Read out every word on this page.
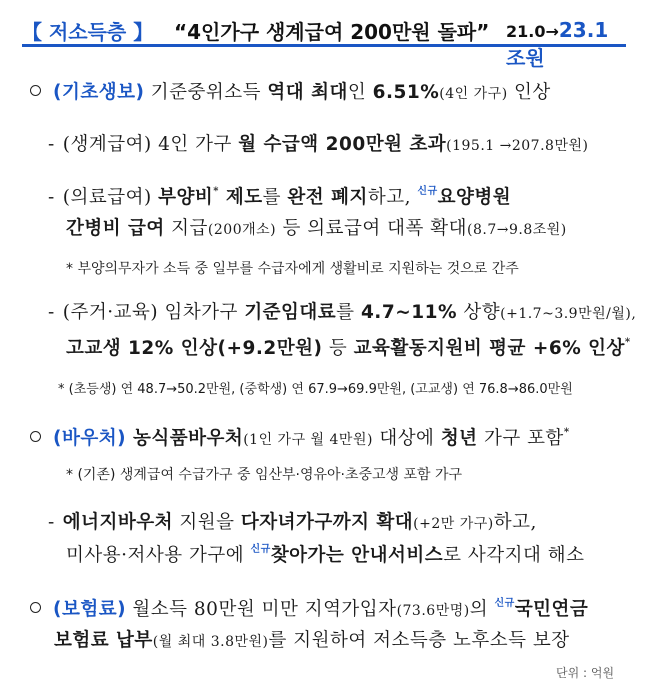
【 저소득층 】 “4인가구 생계급여 200만원 돌파” 21.0→23.1조원
(기초생보) 기준중위소득 역대 최대인 6.51%(4인 가구) 인상
- (생계급여) 4인 가구 월 수급액 200만원 초과(195.1 →207.8만원)
- (의료급여) 부양비* 제도를 완전 폐지하고, $^{신규}$요양병원
간병비 급여 지급(200개소) 등 의료급여 대폭 확대(8.7→9.8조원)
* 부양의무자가 소득 중 일부를 수급자에게 생활비로 지원하는 것으로 간주
- (주거·교육) 임차가구 기준임대료를 4.7~11% 상향(+1.7~3.9만원/월),
고교생 12% 인상(+9.2만원) 등 교육활동지원비 평균 +6% 인상*
* (초등생) 연 48.7→50.2만원, (중학생) 연 67.9→69.9만원, (고교생) 연 76.8→86.0만원
(바우처) 농식품바우처(1인 가구 월 4만원) 대상에 청년 가구 포함*
* (기존) 생계급여 수급가구 중 임산부·영유아·초중고생 포함 가구
- 에너지바우처 지원을 다자녀가구까지 확대(+2만 가구)하고,
미사용·저사용 가구에 $^{신규}$찾아가는 안내서비스로 사각지대 해소
(보험료) 월소득 80만원 미만 지역가입자(73.6만명)의 $^{신규}$국민연금
보험료 납부(월 최대 3.8만원)를 지원하여 저소득층 노후소득 보장
단위 : 억원
